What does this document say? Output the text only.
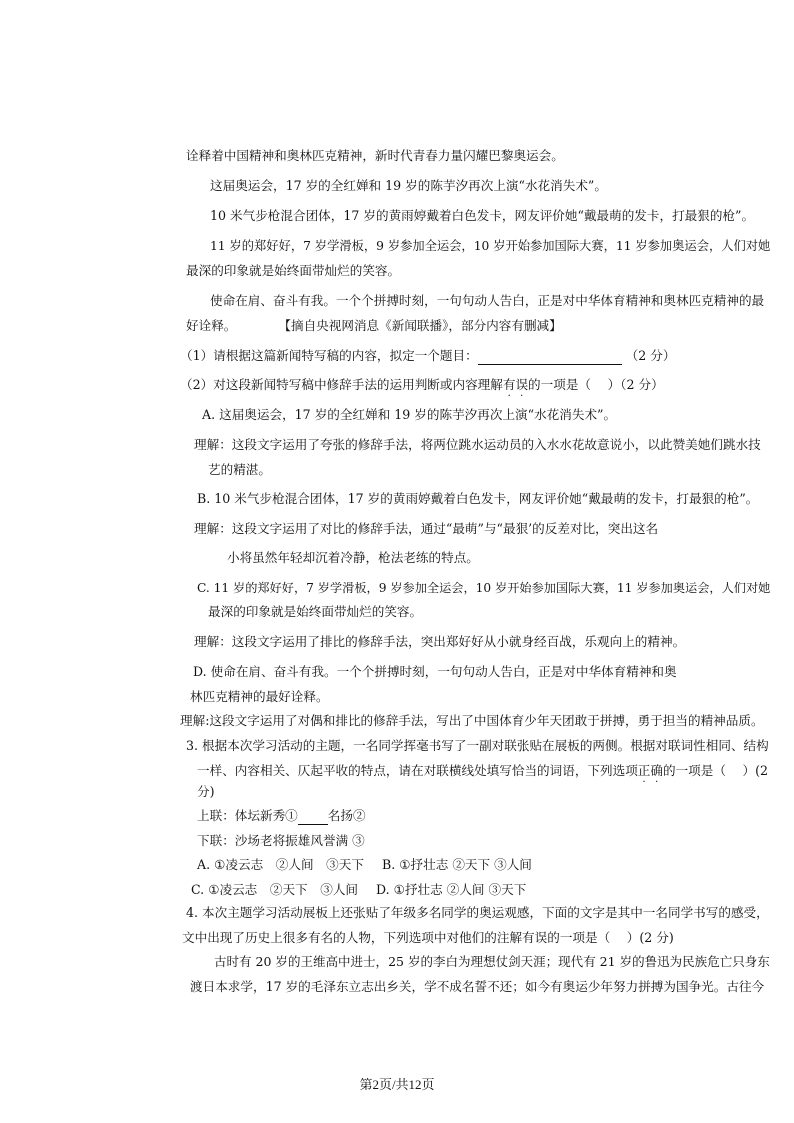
诠释着中国精神和奥林匹克精神，新时代青春力量闪耀巴黎奥运会。
这届奥运会，17 岁的全红婵和 19 岁的陈芋汐再次上演“水花消失术”。
10 米气步枪混合团体，17 岁的黄雨婷戴着白色发卡，网友评价她“戴最萌的发卡，打最狠的枪”。
11 岁的郑好好，7 岁学滑板，9 岁参加全运会，10 岁开始参加国际大赛，11 岁参加奥运会，人们对她
最深的印象就是始终面带灿烂的笑容。
使命在肩、奋斗有我。一个个拼搏时刻，一句句动人告白，正是对中华体育精神和奥林匹克精神的最
好诠释。	【摘自央视网消息《新闻联播》，部分内容有删减】
（1）请根据这篇新闻特写稿的内容，拟定一个题目：	（2 分）
（2）对这段新闻特写稿中修辞手法的运用判断或内容理解有误的一项是（　 ）（2 分）
A. 这届奥运会，17 岁的全红婵和 19 岁的陈芋汐再次上演“水花消失术”。
理解：这段文字运用了夸张的修辞手法，将两位跳水运动员的入水水花故意说小，以此赞美她们跳水技
艺的精湛。
B. 10 米气步枪混合团体，17 岁的黄雨婷戴着白色发卡，网友评价她“戴最萌的发卡，打最狠的枪”。
理解：这段文字运用了对比的修辞手法，通过“最萌”与“最狠’的反差对比，突出这名
小将虽然年轻却沉着冷静，枪法老练的特点。
C. 11 岁的郑好好，7 岁学滑板，9 岁参加全运会，10 岁开始参加国际大赛，11 岁参加奥运会，人们对她
最深的印象就是始终面带灿烂的笑容。
理解：这段文字运用了排比的修辞手法，突出郑好好从小就身经百战，乐观向上的精神。
D. 使命在肩、奋斗有我。一个个拼搏时刻，一句句动人告白，正是对中华体育精神和奥
林匹克精神的最好诠释。
理解:这段文字运用了对偶和排比的修辞手法，写出了中国体育少年天团敢于拼搏，勇于担当的精神品质。
3. 根据本次学习活动的主题，一名同学挥毫书写了一副对联张贴在展板的两侧。根据对联词性相同、结构
一样、内容相关、仄起平收的特点，请在对联横线处填写恰当的词语，下列选项正确的一项是（　 ）(2
分)
上联：体坛新秀① 名扬②
下联：沙场老将振雄风誉满 ③
A. ①凌云志　②人间　③天下 B. ①抒壮志 ②天下 ③人间
C. ①凌云志　②天下　③人间 D. ①抒壮志 ②人间 ③天下
4. 本次主题学习活动展板上还张贴了年级多名同学的奥运观感，下面的文字是其中一名同学书写的感受，
文中出现了历史上很多有名的人物，下列选项中对他们的注解有误的一项是（　 ）(2 分)
古时有 20 岁的王维高中进士，25 岁的李白为理想仗剑天涯；现代有 21 岁的鲁迅为民族危亡只身东
渡日本求学，17 岁的毛泽东立志出乡关，学不成名誓不还；如今有奥运少年努力拼搏为国争光。古往今
第2页/共12页
